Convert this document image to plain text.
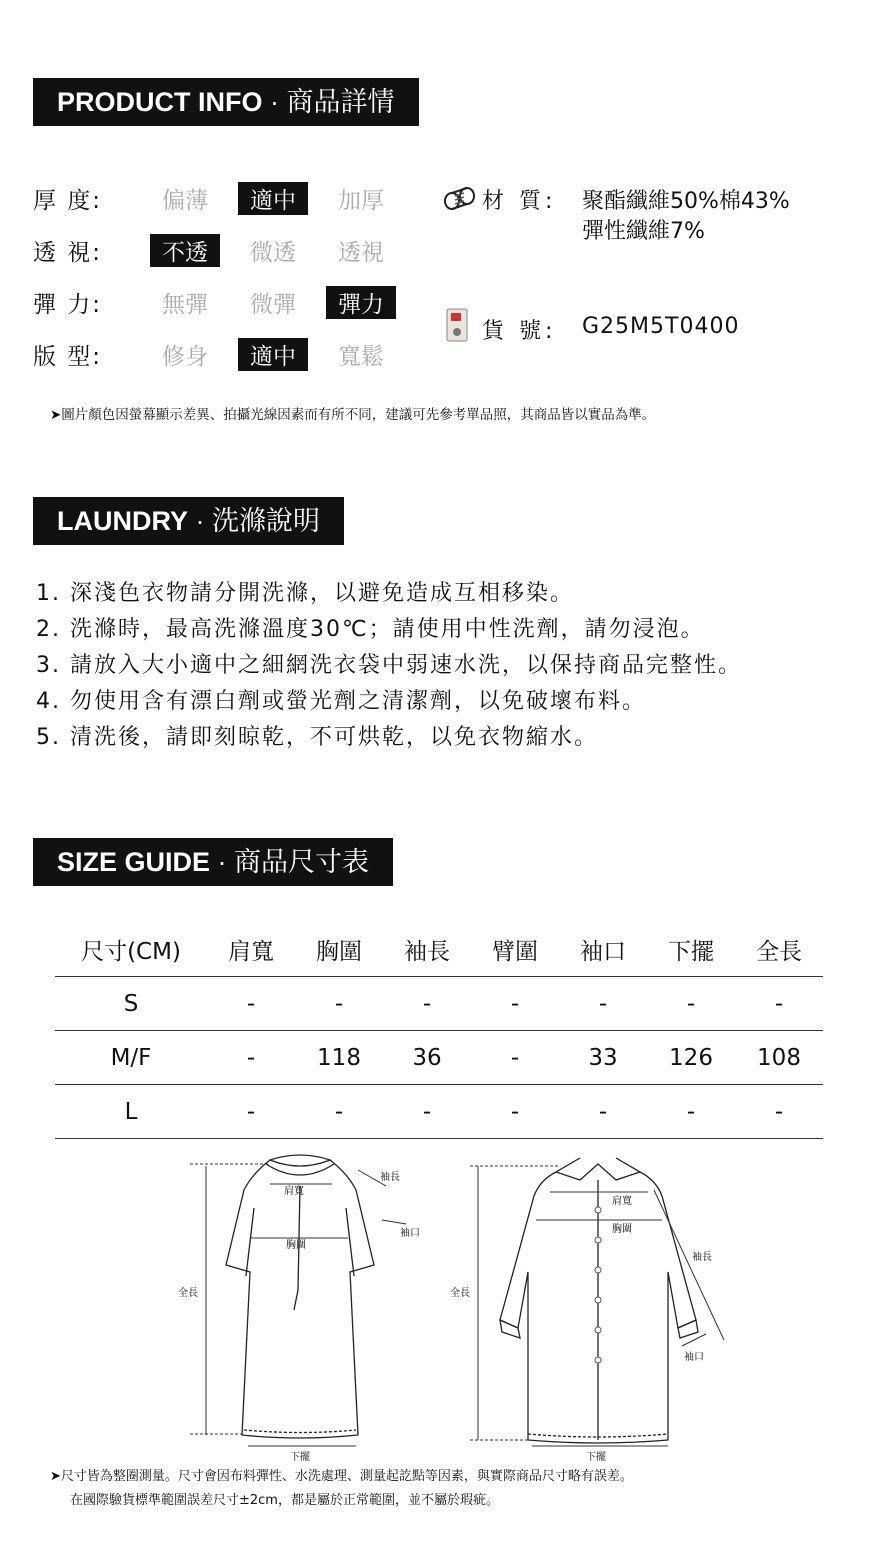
PRODUCT INFO · 商品詳情
厚 度:	偏薄	適中	加厚
透 視:	不透	微透	透視
彈 力:	無彈	微彈	彈力
版 型:	修身	適中	寬鬆
材 質: 聚酯纖維50%棉43%
彈性纖維7%
貨 號: G25M5T0400
➤圖片顏色因螢幕顯示差異、拍攝光線因素而有所不同，建議可先參考單品照，其商品皆以實品為準。
LAUNDRY · 洗滌說明
1. 深淺色衣物請分開洗滌，以避免造成互相移染。
2. 洗滌時，最高洗滌溫度30℃；請使用中性洗劑，請勿浸泡。
3. 請放入大小適中之細網洗衣袋中弱速水洗，以保持商品完整性。
4. 勿使用含有漂白劑或螢光劑之清潔劑，以免破壞布料。
5. 清洗後，請即刻晾乾，不可烘乾，以免衣物縮水。
SIZE GUIDE · 商品尺寸表
尺寸(CM)	肩寬	胸圍	袖長	臂圍	袖口	下擺	全長
S	-	-	-	-	-	-	-
M/F	-	118	36	-	33	126	108
L	-	-	-	-	-	-	-
肩寬
胸圍
袖長
袖口
全長
下擺
肩寬
胸圍
袖長
袖口
全長
下擺
➤尺寸皆為整圈測量。尺寸會因布料彈性、水洗處理、測量起訖點等因素，與實際商品尺寸略有誤差。
在國際驗貨標準範圍誤差尺寸±2cm，都是屬於正常範圍，並不屬於瑕疵。
